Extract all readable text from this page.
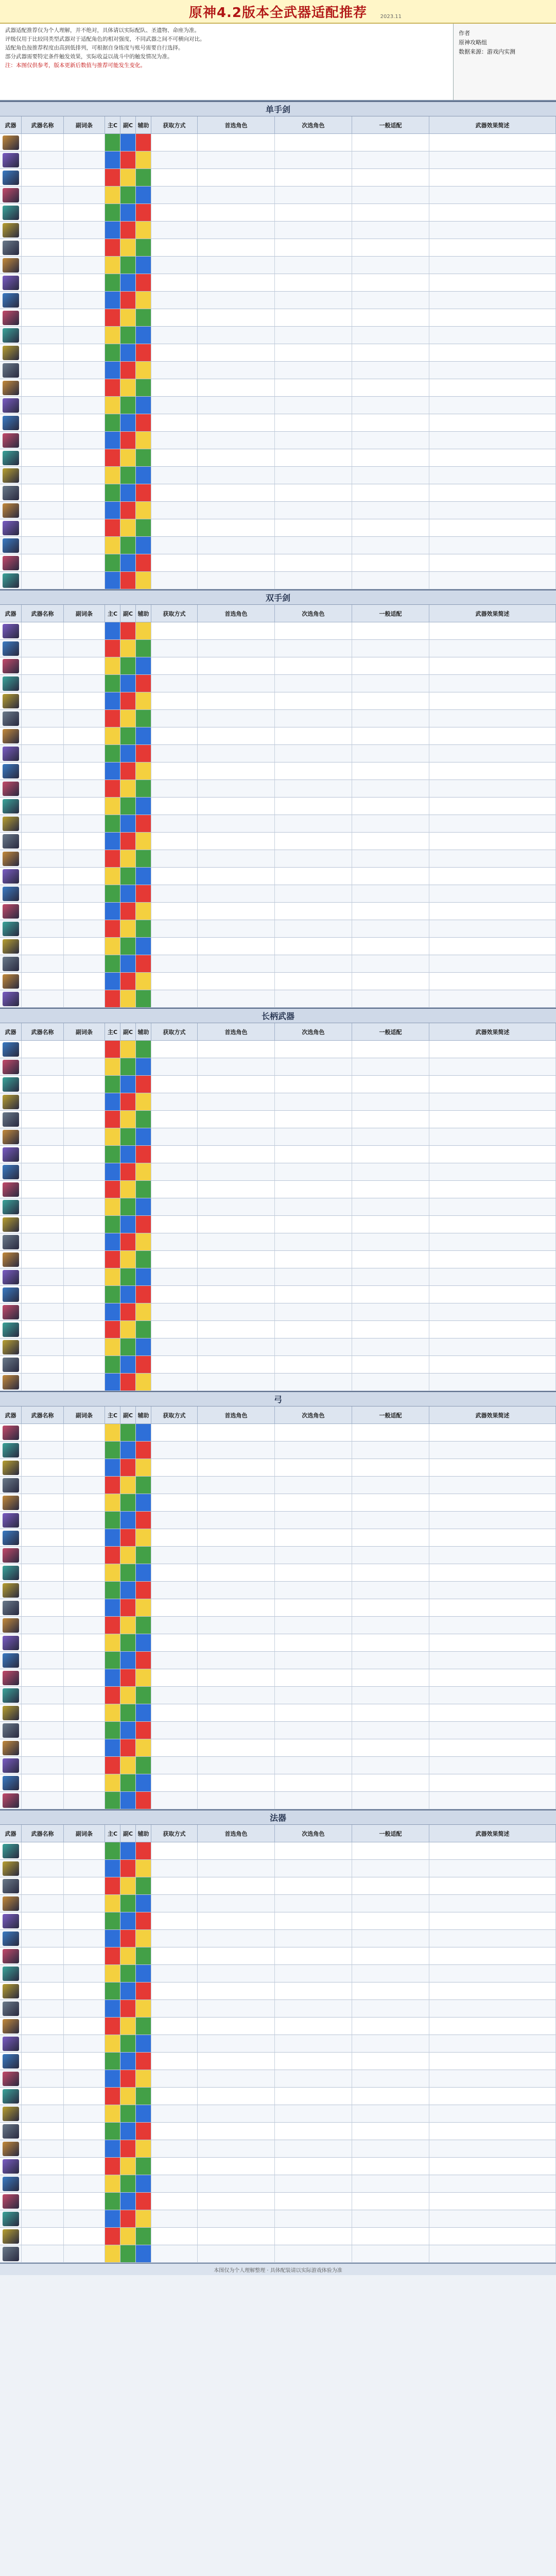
原神4.2版本全武器适配推荐	2023.11

武器适配推荐仅为个人理解，并不绝对，具体请以实际配队、圣遗物、命座为准。

评级仅用于比较同类型武器对于适配角色的相对强度，不同武器之间不可横向对比。

适配角色按推荐程度由高到低排列，可根据自身练度与账号需要自行选择。

部分武器需要特定条件触发效果，实际收益以战斗中的触发情况为准。

注：本图仅供参考，版本更新后数值与推荐可能发生变化。

作者
原神攻略组
数据来源：游戏内实测
单手剑
武器	武器名称	副词条	主C 副C 辅助	获取方式	首选角色	次选角色	一般适配	武器效果简述
双手剑
武器	武器名称	副词条	主C 副C 辅助	获取方式	首选角色	次选角色	一般适配	武器效果简述
长柄武器
武器	武器名称	副词条	主C 副C 辅助	获取方式	首选角色	次选角色	一般适配	武器效果简述
弓
武器	武器名称	副词条	主C 副C 辅助	获取方式	首选角色	次选角色	一般适配	武器效果简述
法器
武器	武器名称	副词条	主C 副C 辅助	获取方式	首选角色	次选角色	一般适配	武器效果简述
本图仅为个人理解整理 · 具体配装请以实际游戏体验为准
